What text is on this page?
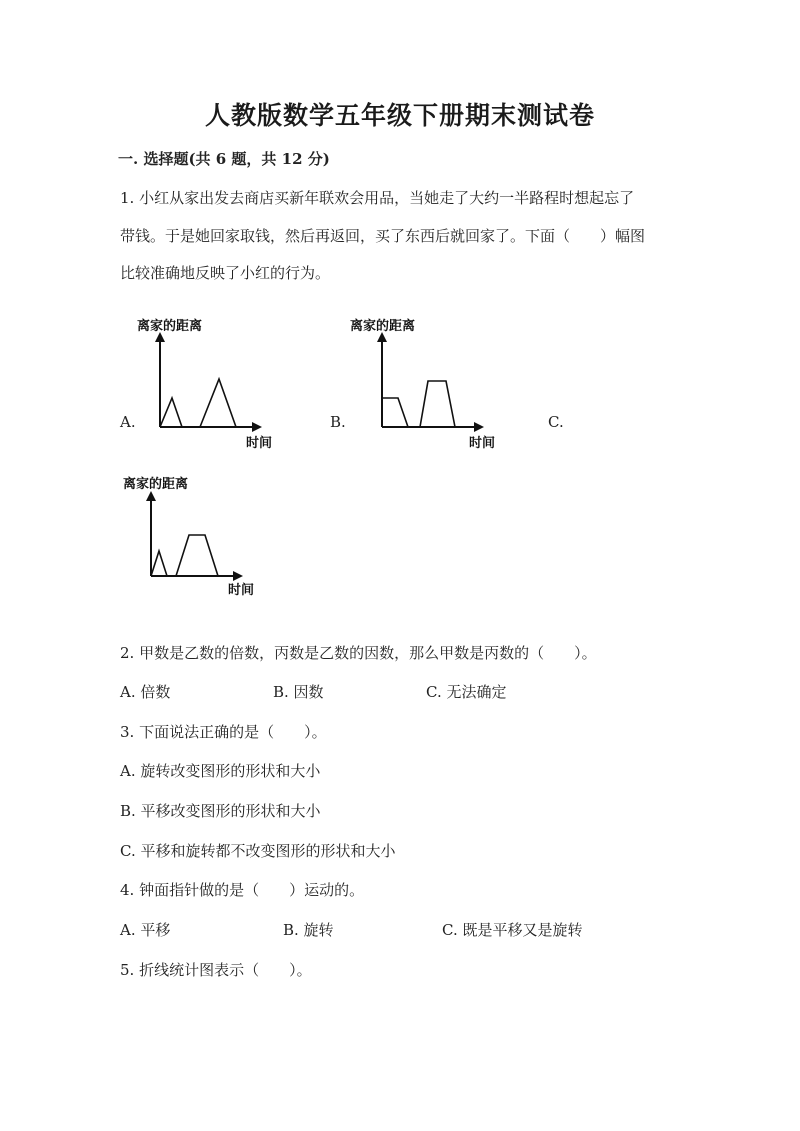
人教版数学五年级下册期末测试卷
一. 选择题(共 6 题，共 12 分)
1. 小红从家出发去商店买新年联欢会用品，当她走了大约一半路程时想起忘了
带钱。于是她回家取钱，然后再返回，买了东西后就回家了。下面（　　）幅图
比较准确地反映了小红的行为。
A.	B.	C.
离家的距离
时间
离家的距离
时间
离家的距离
时间
2. 甲数是乙数的倍数，丙数是乙数的因数，那么甲数是丙数的（　　）。
A. 倍数	B. 因数	C. 无法确定
3. 下面说法正确的是（　　）。
A. 旋转改变图形的形状和大小
B. 平移改变图形的形状和大小
C. 平移和旋转都不改变图形的形状和大小
4. 钟面指针做的是（　　）运动的。
A. 平移	B. 旋转	C. 既是平移又是旋转
5. 折线统计图表示（　　）。
